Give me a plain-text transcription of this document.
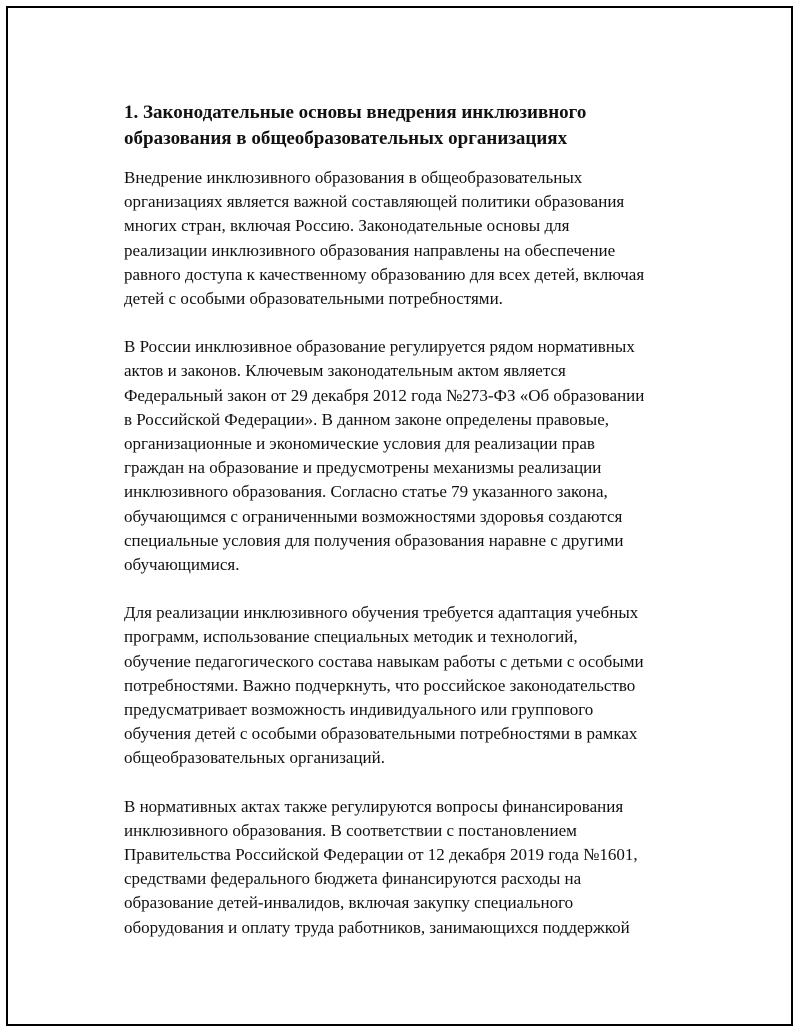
1. Законодательные основы внедрения инклюзивного
образования в общеобразовательных организациях

Внедрение инклюзивного образования в общеобразовательных
организациях является важной составляющей политики образования
многих стран, включая Россию. Законодательные основы для
реализации инклюзивного образования направлены на обеспечение
равного доступа к качественному образованию для всех детей, включая
детей с особыми образовательными потребностями.

В России инклюзивное образование регулируется рядом нормативных
актов и законов. Ключевым законодательным актом является
Федеральный закон от 29 декабря 2012 года №273-ФЗ «Об образовании
в Российской Федерации». В данном законе определены правовые,
организационные и экономические условия для реализации прав
граждан на образование и предусмотрены механизмы реализации
инклюзивного образования. Согласно статье 79 указанного закона,
обучающимся с ограниченными возможностями здоровья создаются
специальные условия для получения образования наравне с другими
обучающимися.

Для реализации инклюзивного обучения требуется адаптация учебных
программ, использование специальных методик и технологий,
обучение педагогического состава навыкам работы с детьми с особыми
потребностями. Важно подчеркнуть, что российское законодательство
предусматривает возможность индивидуального или группового
обучения детей с особыми образовательными потребностями в рамках
общеобразовательных организаций.

В нормативных актах также регулируются вопросы финансирования
инклюзивного образования. В соответствии с постановлением
Правительства Российской Федерации от 12 декабря 2019 года №1601,
средствами федерального бюджета финансируются расходы на
образование детей-инвалидов, включая закупку специального
оборудования и оплату труда работников, занимающихся поддержкой
